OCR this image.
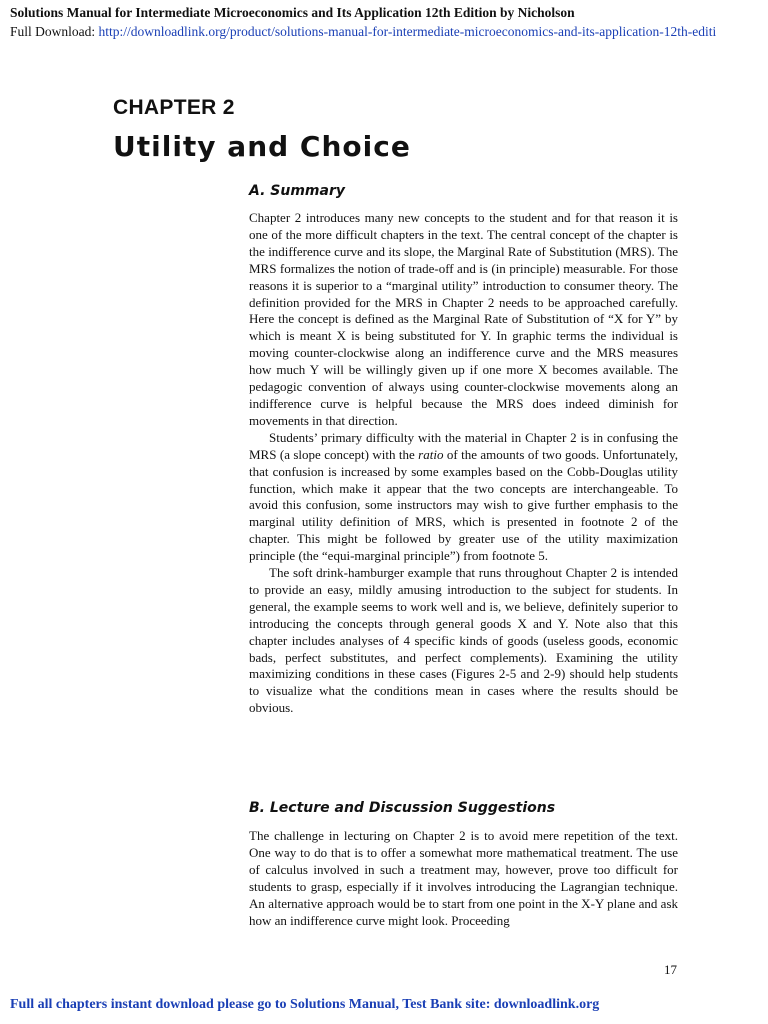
Solutions Manual for Intermediate Microeconomics and Its Application 12th Edition by Nicholson
Full Download: http://downloadlink.org/product/solutions-manual-for-intermediate-microeconomics-and-its-application-12th-editi
CHAPTER 2
Utility and Choice
A. Summary

Chapter 2 introduces many new concepts to the student and for that reason it is one of the more difficult chapters in the text. The central concept of the chapter is the indifference curve and its slope, the Marginal Rate of Substitution (MRS). The MRS formalizes the notion of trade-off and is (in principle) measurable. For those reasons it is superior to a “marginal utility” introduction to consumer theory. The definition provided for the MRS in Chapter 2 needs to be approached carefully. Here the concept is defined as the Marginal Rate of Substitution of “X for Y” by which is meant X is being substituted for Y. In graphic terms the individual is moving counter-clockwise along an indifference curve and the MRS measures how much Y will be willingly given up if one more X becomes available. The pedagogic convention of always using counter-clockwise movements along an indifference curve is helpful because the MRS does indeed diminish for movements in that direction.

Students’ primary difficulty with the material in Chapter 2 is in confusing the MRS (a slope concept) with the ratio of the amounts of two goods. Unfortunately, that confusion is increased by some examples based on the Cobb-Douglas utility function, which make it appear that the two concepts are interchangeable. To avoid this confusion, some instructors may wish to give further emphasis to the marginal utility definition of MRS, which is presented in footnote 2 of the chapter. This might be followed by greater use of the utility maximization principle (the “equi-marginal principle”) from footnote 5.

The soft drink-hamburger example that runs throughout Chapter 2 is intended to provide an easy, mildly amusing introduction to the subject for students. In general, the example seems to work well and is, we believe, definitely superior to introducing the concepts through general goods X and Y. Note also that this chapter includes analyses of 4 specific kinds of goods (useless goods, economic bads, perfect substitutes, and perfect complements). Examining the utility maximizing conditions in these cases (Figures 2-5 and 2-9) should help students to visualize what the conditions mean in cases where the results should be obvious.

B. Lecture and Discussion Suggestions

The challenge in lecturing on Chapter 2 is to avoid mere repetition of the text. One way to do that is to offer a somewhat more mathematical treatment. The use of calculus involved in such a treatment may, however, prove too difficult for students to grasp, especially if it involves introducing the Lagrangian technique. An alternative approach would be to start from one point in the X-Y plane and ask how an indifference curve might look. Proceeding

17
Full all chapters instant download please go to Solutions Manual, Test Bank site: downloadlink.org
